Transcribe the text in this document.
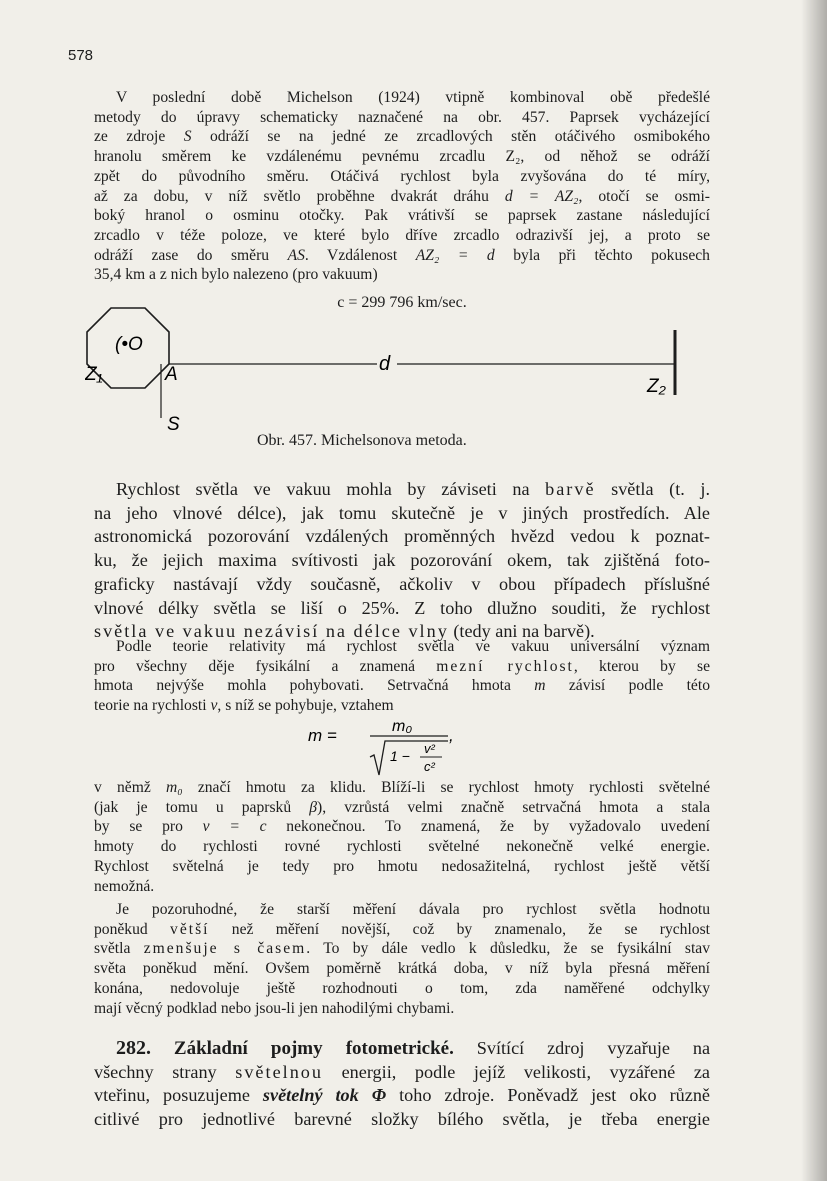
578

V poslední době Michelson (1924) vtipně kombinoval obě předešlé

metody do úpravy schematicky naznačené na obr. 457. Paprsek vycházející

ze zdroje S odráží se na jedné ze zrcadlových stěn otáčivého osmibokého

hranolu směrem ke vzdálenému pevnému zrcadlu Z₂, od něhož se odráží

zpět do původního směru. Otáčivá rychlost byla zvyšována do té míry,

až za dobu, v níž světlo proběhne dvakrát dráhu d = AZ₂, otočí se osmi-

boký hranol o osminu otočky. Pak vrátivší se paprsek zastane následující

zrcadlo v téže poloze, ve které bylo dříve zrcadlo odrazivší jej, a proto se

odráží zase do směru AS. Vzdálenost AZ₂ = d byla při těchto pokusech

35,4 km a z nich bylo nalezeno (pro vakuum)

c = 299 796 km/sec.
(•O
d
Z₂
Z₁	A
S
Obr. 457. Michelsonova metoda.

Rychlost světla ve vakuu mohla by záviseti na barvě světla (t. j.

na jeho vlnové délce), jak tomu skutečně je v jiných prostředích. Ale

astronomická pozorování vzdálených proměnných hvězd vedou k poznat-

ku, že jejich maxima svítivosti jak pozorování okem, tak zjištěná foto-

graficky nastávají vždy současně, ačkoliv v obou případech příslušné

vlnové délky světla se liší o 25%. Z toho dlužno souditi, že rychlost

světla ve vakuu nezávisí na délce vlny (tedy ani na barvě).

Podle teorie relativity má rychlost světla ve vakuu universální význam

pro všechny děje fysikální a znamená mezní rychlost, kterou by se

hmota nejvýše mohla pohybovati. Setrvačná hmota m závisí podle této

teorie na rychlosti v, s níž se pohybuje, vztahem

m =	m₀ ,
1 − v²
c²

v němž m₀ značí hmotu za klidu. Blíží-li se rychlost hmoty rychlosti světelné

(jak je tomu u paprsků β), vzrůstá velmi značně setrvačná hmota a stala

by se pro v = c nekonečnou. To znamená, že by vyžadovalo uvedení

hmoty do rychlosti rovné rychlosti světelné nekonečně velké energie.

Rychlost světelná je tedy pro hmotu nedosažitelná, rychlost ještě větší

nemožná.

Je pozoruhodné, že starší měření dávala pro rychlost světla hodnotu

poněkud větší než měření novější, což by znamenalo, že se rychlost

světla zmenšuje s časem. To by dále vedlo k důsledku, že se fysikální stav

světa poněkud mění. Ovšem poměrně krátká doba, v níž byla přesná měření

konána, nedovoluje ještě rozhodnouti o tom, zda naměřené odchylky

mají věcný podklad nebo jsou-li jen nahodilými chybami.

282. Základní pojmy fotometrické. Svítící zdroj vyzařuje na

všechny strany světelnou energii, podle jejíž velikosti, vyzářené za

vteřinu, posuzujeme světelný tok Φ toho zdroje. Poněvadž jest oko různě

citlivé pro jednotlivé barevné složky bílého světla, je třeba energie
